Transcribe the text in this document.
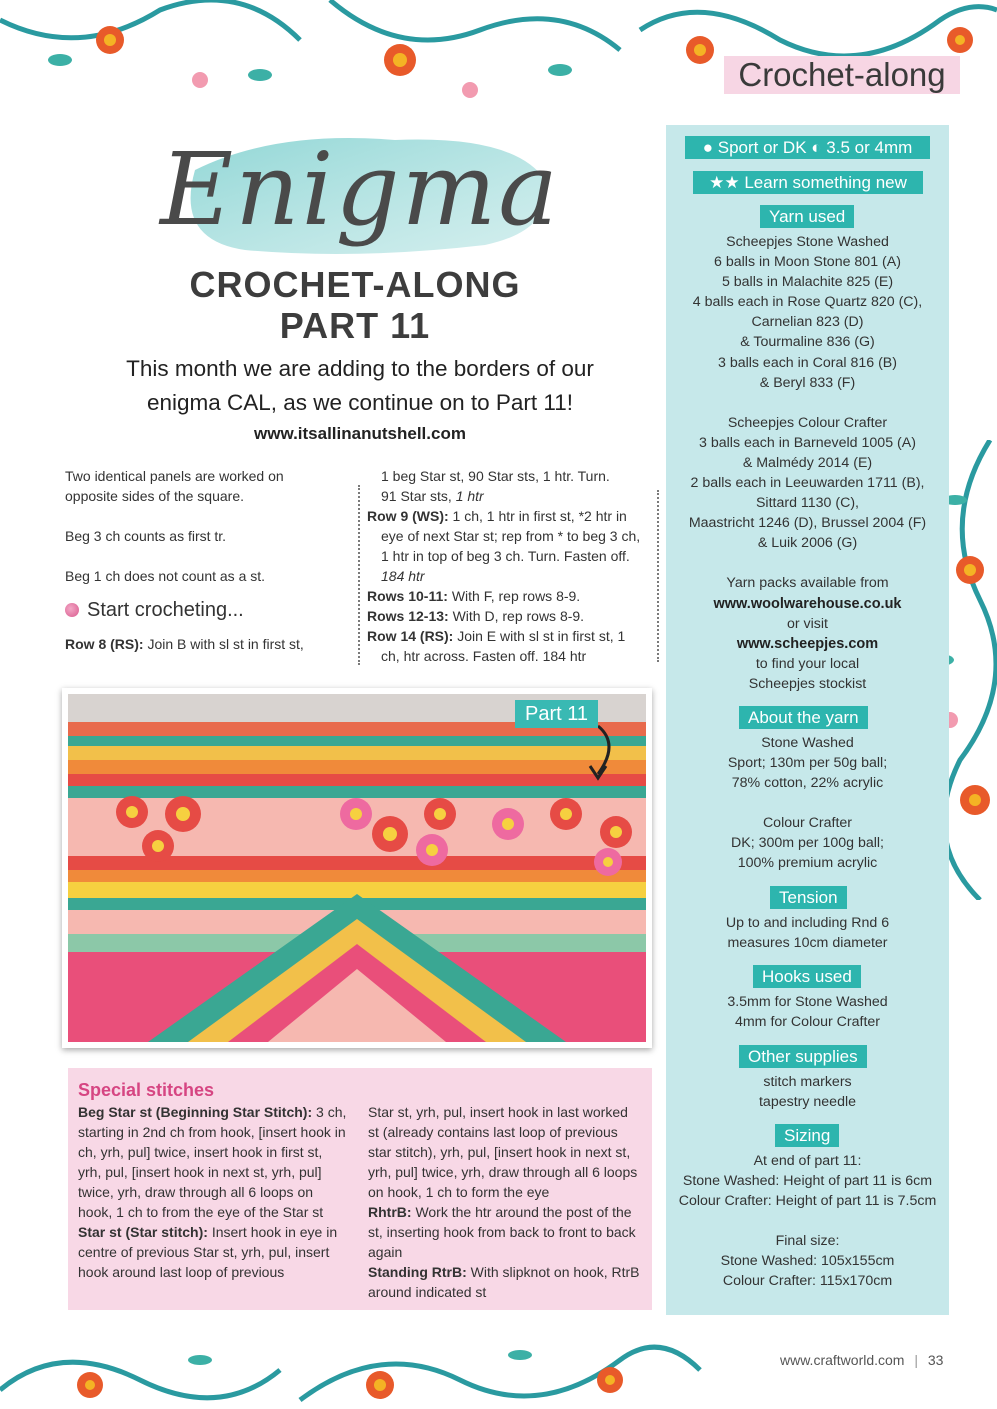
Crochet-along
Enigma
CROCHET-ALONG
PART 11
This month we are adding to the borders of our
enigma CAL, as we continue on to Part 11!
www.itsallinanutshell.com

Two identical panels are worked on opposite sides of the square.

Beg 3 ch counts as first tr.

Beg 1 ch does not count as a st.

Start crocheting...

Row 8 (RS): Join B with sl st in first st,

1 beg Star st, 90 Star sts, 1 htr. Turn.

91 Star sts, 1 htr

Row 9 (WS): 1 ch, 1 htr in first st, *2 htr in eye of next Star st; rep from * to beg 3 ch, 1 htr in top of beg 3 ch. Turn. Fasten off. 184 htr

Rows 10-11: With F, rep rows 8-9.

Rows 12-13: With D, rep rows 8-9.

Row 14 (RS): Join E with sl st in first st, 1 ch, htr across. Fasten off. 184 htr

Part 11
Special stitches

Beg Star st (Beginning Star Stitch): 3 ch, starting in 2nd ch from hook, [insert hook in ch, yrh, pul] twice, insert hook in first st, yrh, pul, [insert hook in next st, yrh, pul] twice, yrh, draw through all 6 loops on hook, 1 ch to from the eye of the Star st

Star st (Star stitch): Insert hook in eye in centre of previous Star st, yrh, pul, insert hook around last loop of previous

Star st, yrh, pul, insert hook in last worked st (already contains last loop of previous star stitch), yrh, pul, [insert hook in next st, yrh, pul] twice, yrh, draw through all 6 loops on hook, 1 ch to form the eye

RhtrB: Work the htr around the post of the st, inserting hook from back to front to back again

Standing RtrB: With slipknot on hook, RtrB around indicated st

● Sport or DK ◐ 3.5 or 4mm
★★ Learn something new
Yarn used
Scheepjes Stone Washed
6 balls in Moon Stone 801 (A)
5 balls in Malachite 825 (E)
4 balls each in Rose Quartz 820 (C),
Carnelian 823 (D)
& Tourmaline 836 (G)
3 balls each in Coral 816 (B)
& Beryl 833 (F)
Scheepjes Colour Crafter
3 balls each in Barneveld 1005 (A)
& Malmédy 2014 (E)
2 balls each in Leeuwarden 1711 (B),
Sittard 1130 (C),
Maastricht 1246 (D), Brussel 2004 (F)
& Luik 2006 (G)
Yarn packs available from
www.woolwarehouse.co.uk
or visit
www.scheepjes.com
to find your local
Scheepjes stockist
About the yarn
Stone Washed
Sport; 130m per 50g ball;
78% cotton, 22% acrylic
Colour Crafter
DK; 300m per 100g ball;
100% premium acrylic
Tension
Up to and including Rnd 6
measures 10cm diameter
Hooks used
3.5mm for Stone Washed
4mm for Colour Crafter
Other supplies
stitch markers
tapestry needle
Sizing
At end of part 11:
Stone Washed: Height of part 11 is 6cm
Colour Crafter: Height of part 11 is 7.5cm
Final size:
Stone Washed: 105x155cm
Colour Crafter: 115x170cm
www.craftworld.com | 33
